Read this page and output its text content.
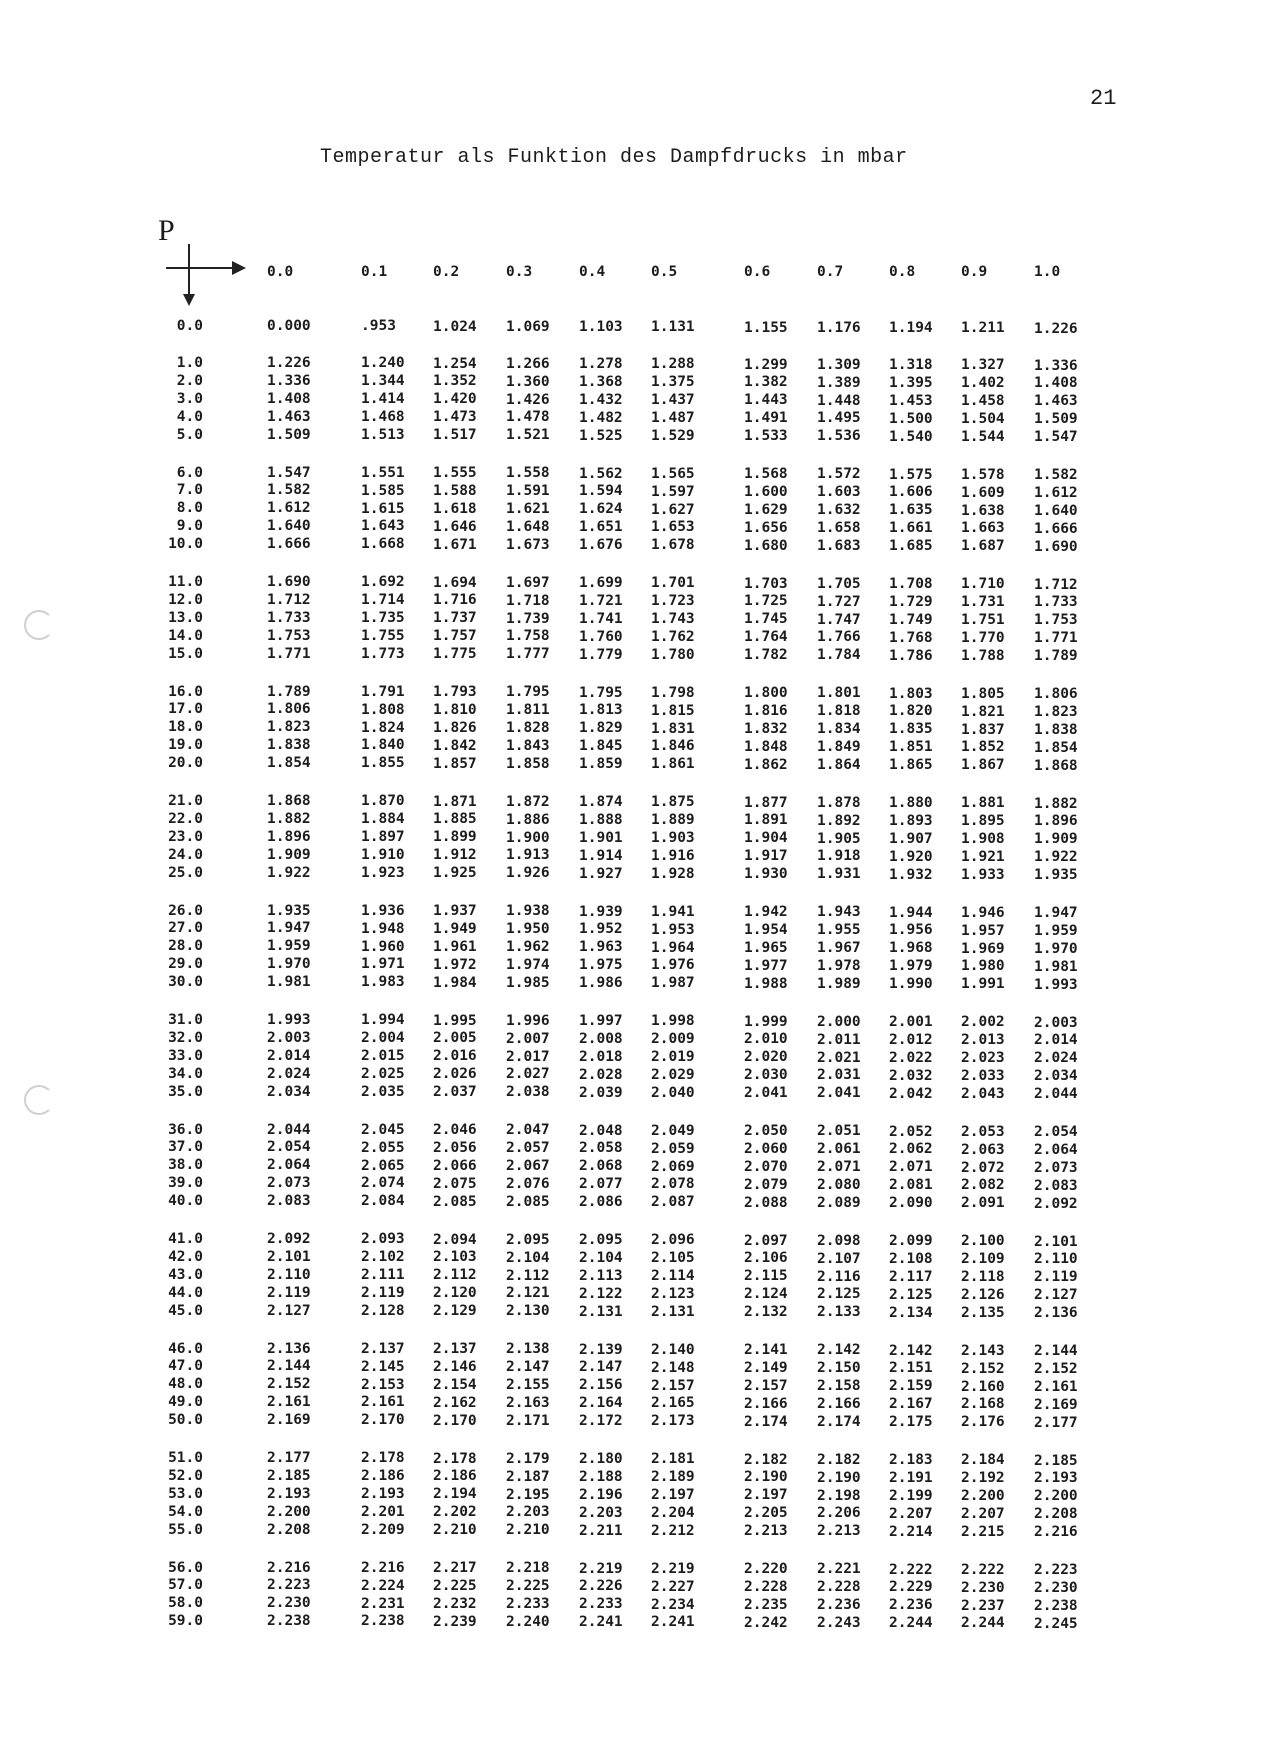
21
Temperatur als Funktion des Dampfdrucks in mbar
P
0.0	0.1	0.2	0.3	0.4	0.5	0.6	0.7	0.8	0.9	1.0
0.0	0.000	.953	1.024 1.069 1.103 1.131	1.155 1.176 1.194 1.211 1.226
1.0	1.226	1.240 1.254 1.266 1.278 1.288	1.299 1.309 1.318 1.327 1.336
2.0	1.336	1.344 1.352 1.360 1.368 1.375	1.382 1.389 1.395 1.402 1.408
3.0	1.408	1.414 1.420 1.426 1.432 1.437	1.443 1.448 1.453 1.458 1.463
4.0	1.463	1.468 1.473 1.478 1.482 1.487	1.491 1.495 1.500 1.504 1.509
5.0	1.509	1.513 1.517 1.521 1.525 1.529	1.533 1.536 1.540 1.544 1.547
6.0	1.547	1.551 1.555 1.558 1.562 1.565	1.568 1.572 1.575 1.578 1.582
7.0	1.582	1.585 1.588 1.591 1.594 1.597	1.600 1.603 1.606 1.609 1.612
8.0	1.612	1.615 1.618 1.621 1.624 1.627	1.629 1.632 1.635 1.638 1.640
9.0	1.640	1.643 1.646 1.648 1.651 1.653	1.656 1.658 1.661 1.663 1.666
10.0	1.666	1.668 1.671 1.673 1.676 1.678	1.680 1.683 1.685 1.687 1.690
11.0	1.690	1.692 1.694 1.697 1.699 1.701	1.703 1.705 1.708 1.710 1.712
12.0	1.712	1.714 1.716 1.718 1.721 1.723	1.725 1.727 1.729 1.731 1.733
13.0	1.733	1.735 1.737 1.739 1.741 1.743	1.745 1.747 1.749 1.751 1.753
14.0	1.753	1.755 1.757 1.758 1.760 1.762	1.764 1.766 1.768 1.770 1.771
15.0	1.771	1.773 1.775 1.777 1.779 1.780	1.782 1.784 1.786 1.788 1.789
16.0	1.789	1.791 1.793 1.795 1.795 1.798	1.800 1.801 1.803 1.805 1.806
17.0	1.806	1.808 1.810 1.811 1.813 1.815	1.816 1.818 1.820 1.821 1.823
18.0	1.823	1.824 1.826 1.828 1.829 1.831	1.832 1.834 1.835 1.837 1.838
19.0	1.838	1.840 1.842 1.843 1.845 1.846	1.848 1.849 1.851 1.852 1.854
20.0	1.854	1.855 1.857 1.858 1.859 1.861	1.862 1.864 1.865 1.867 1.868
21.0	1.868	1.870 1.871 1.872 1.874 1.875	1.877 1.878 1.880 1.881 1.882
22.0	1.882	1.884 1.885 1.886 1.888 1.889	1.891 1.892 1.893 1.895 1.896
23.0	1.896	1.897 1.899 1.900 1.901 1.903	1.904 1.905 1.907 1.908 1.909
24.0	1.909	1.910 1.912 1.913 1.914 1.916	1.917 1.918 1.920 1.921 1.922
25.0	1.922	1.923 1.925 1.926 1.927 1.928	1.930 1.931 1.932 1.933 1.935
26.0	1.935	1.936 1.937 1.938 1.939 1.941	1.942 1.943 1.944 1.946 1.947
27.0	1.947	1.948 1.949 1.950 1.952 1.953	1.954 1.955 1.956 1.957 1.959
28.0	1.959	1.960 1.961 1.962 1.963 1.964	1.965 1.967 1.968 1.969 1.970
29.0	1.970	1.971 1.972 1.974 1.975 1.976	1.977 1.978 1.979 1.980 1.981
30.0	1.981	1.983 1.984 1.985 1.986 1.987	1.988 1.989 1.990 1.991 1.993
31.0	1.993	1.994 1.995 1.996 1.997 1.998	1.999 2.000 2.001 2.002 2.003
32.0	2.003	2.004 2.005 2.007 2.008 2.009	2.010 2.011 2.012 2.013 2.014
33.0	2.014	2.015 2.016 2.017 2.018 2.019	2.020 2.021 2.022 2.023 2.024
34.0	2.024	2.025 2.026 2.027 2.028 2.029	2.030 2.031 2.032 2.033 2.034
35.0	2.034	2.035 2.037 2.038 2.039 2.040	2.041 2.041 2.042 2.043 2.044
36.0	2.044	2.045 2.046 2.047 2.048 2.049	2.050 2.051 2.052 2.053 2.054
37.0	2.054	2.055 2.056 2.057 2.058 2.059	2.060 2.061 2.062 2.063 2.064
38.0	2.064	2.065 2.066 2.067 2.068 2.069	2.070 2.071 2.071 2.072 2.073
39.0	2.073	2.074 2.075 2.076 2.077 2.078	2.079 2.080 2.081 2.082 2.083
40.0	2.083	2.084 2.085 2.085 2.086 2.087	2.088 2.089 2.090 2.091 2.092
41.0	2.092	2.093 2.094 2.095 2.095 2.096	2.097 2.098 2.099 2.100 2.101
42.0	2.101	2.102 2.103 2.104 2.104 2.105	2.106 2.107 2.108 2.109 2.110
43.0	2.110	2.111 2.112 2.112 2.113 2.114	2.115 2.116 2.117 2.118 2.119
44.0	2.119	2.119 2.120 2.121 2.122 2.123	2.124 2.125 2.125 2.126 2.127
45.0	2.127	2.128 2.129 2.130 2.131 2.131	2.132 2.133 2.134 2.135 2.136
46.0	2.136	2.137 2.137 2.138 2.139 2.140	2.141 2.142 2.142 2.143 2.144
47.0	2.144	2.145 2.146 2.147 2.147 2.148	2.149 2.150 2.151 2.152 2.152
48.0	2.152	2.153 2.154 2.155 2.156 2.157	2.157 2.158 2.159 2.160 2.161
49.0	2.161	2.161 2.162 2.163 2.164 2.165	2.166 2.166 2.167 2.168 2.169
50.0	2.169	2.170 2.170 2.171 2.172 2.173	2.174 2.174 2.175 2.176 2.177
51.0	2.177	2.178 2.178 2.179 2.180 2.181	2.182 2.182 2.183 2.184 2.185
52.0	2.185	2.186 2.186 2.187 2.188 2.189	2.190 2.190 2.191 2.192 2.193
53.0	2.193	2.193 2.194 2.195 2.196 2.197	2.197 2.198 2.199 2.200 2.200
54.0	2.200	2.201 2.202 2.203 2.203 2.204	2.205 2.206 2.207 2.207 2.208
55.0	2.208	2.209 2.210 2.210 2.211 2.212	2.213 2.213 2.214 2.215 2.216
56.0	2.216	2.216 2.217 2.218 2.219 2.219	2.220 2.221 2.222 2.222 2.223
57.0	2.223	2.224 2.225 2.225 2.226 2.227	2.228 2.228 2.229 2.230 2.230
58.0	2.230	2.231 2.232 2.233 2.233 2.234	2.235 2.236 2.236 2.237 2.238
59.0	2.238	2.238 2.239 2.240 2.241 2.241	2.242 2.243 2.244 2.244 2.245
